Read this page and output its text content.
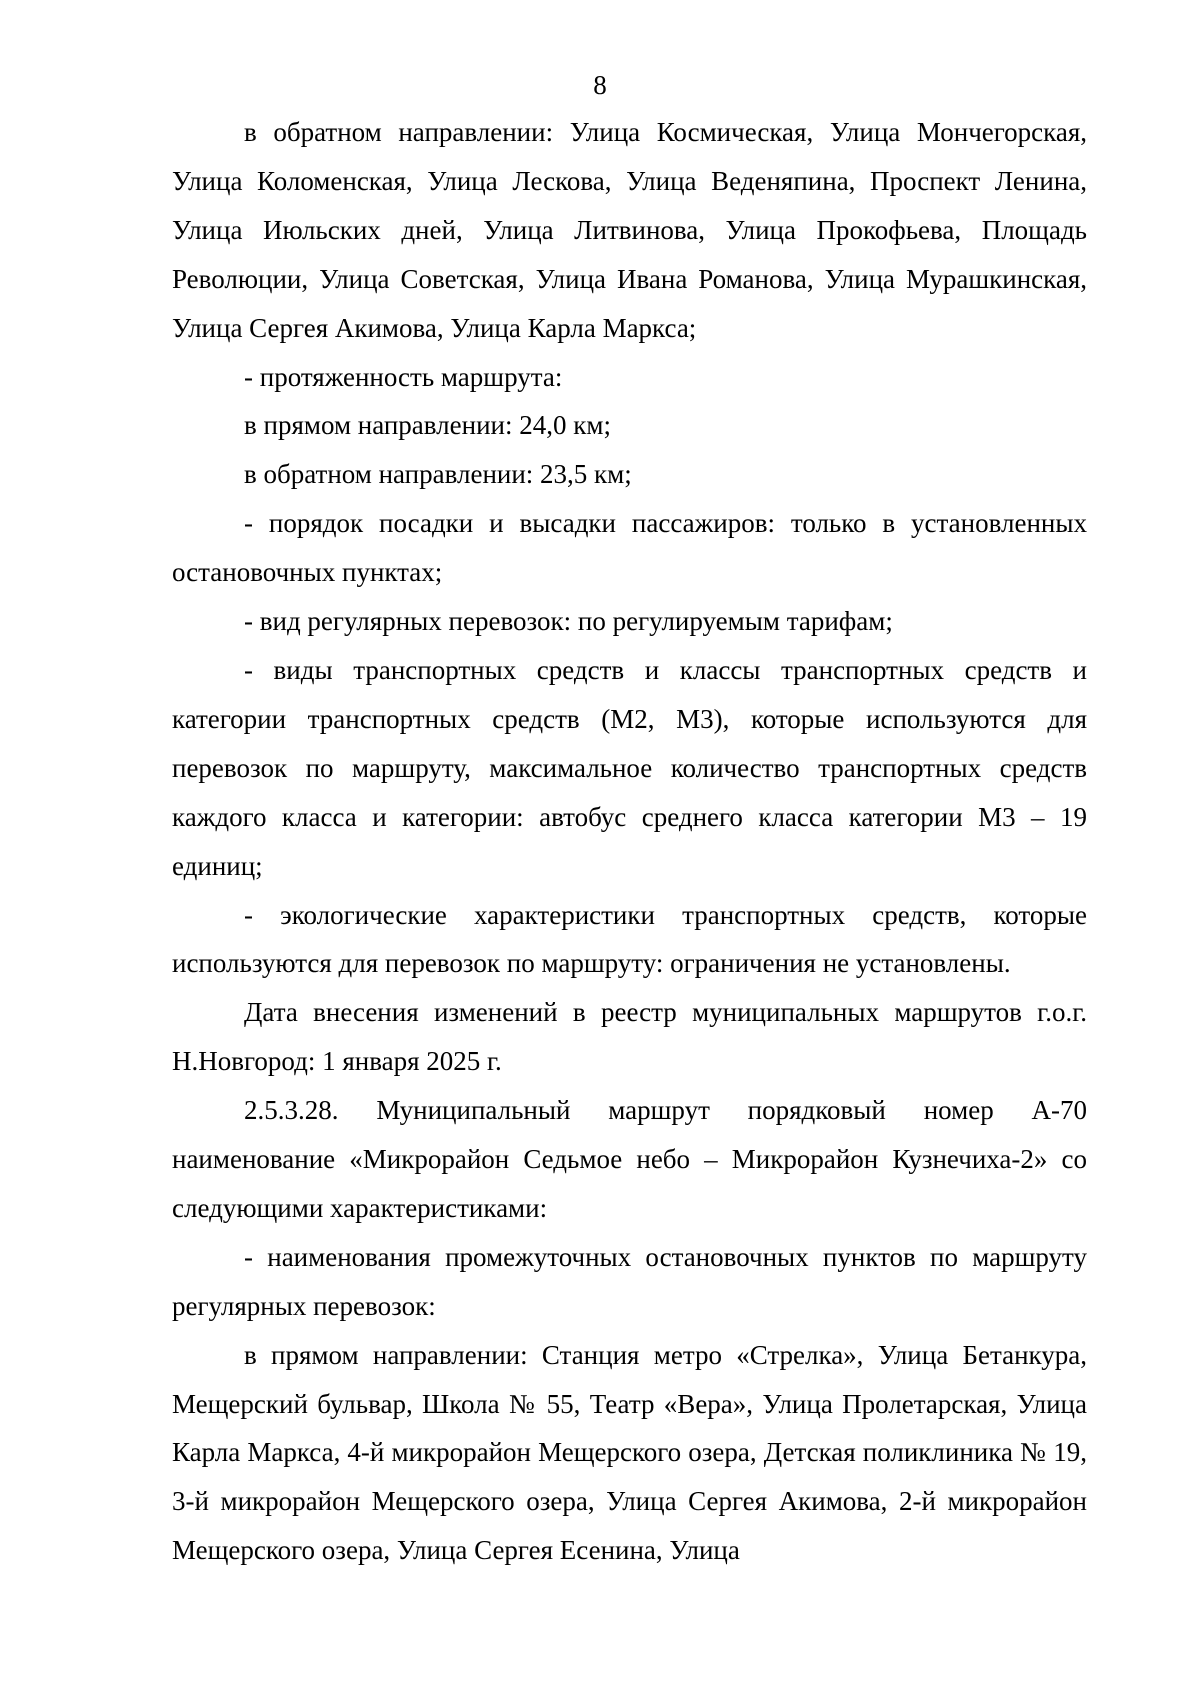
8

в обратном направлении: Улица Космическая, Улица Мончегорская, Улица Коломенская, Улица Лескова, Улица Веденяпина, Проспект Ленина, Улица Июльских дней, Улица Литвинова, Улица Прокофьева, Площадь Революции, Улица Советская, Улица Ивана Романова, Улица Мурашкинская, Улица Сергея Акимова, Улица Карла Маркса;

- протяженность маршрута:

в прямом направлении: 24,0 км;

в обратном направлении: 23,5 км;

- порядок посадки и высадки пассажиров: только в установленных остановочных пунктах;

- вид регулярных перевозок: по регулируемым тарифам;

- виды транспортных средств и классы транспортных средств и категории транспортных средств (М2, М3), которые используются для перевозок по маршруту, максимальное количество транспортных средств каждого класса и категории: автобус среднего класса категории М3 – 19 единиц;

- экологические характеристики транспортных средств, которые используются для перевозок по маршруту: ограничения не установлены.

Дата внесения изменений в реестр муниципальных маршрутов г.о.г. Н.Новгород: 1 января 2025 г.

2.5.3.28. Муниципальный маршрут порядковый номер А-70 наименование «Микрорайон Седьмое небо – Микрорайон Кузнечиха-2» со следующими характеристиками:

- наименования промежуточных остановочных пунктов по маршруту регулярных перевозок:

в прямом направлении: Станция метро «Стрелка», Улица Бетанкура, Мещерский бульвар, Школа № 55, Театр «Вера», Улица Пролетарская, Улица Карла Маркса, 4-й микрорайон Мещерского озера, Детская поликлиника № 19, 3-й микрорайон Мещерского озера, Улица Сергея Акимова, 2-й микрорайон Мещерского озера, Улица Сергея Есенина, Улица
